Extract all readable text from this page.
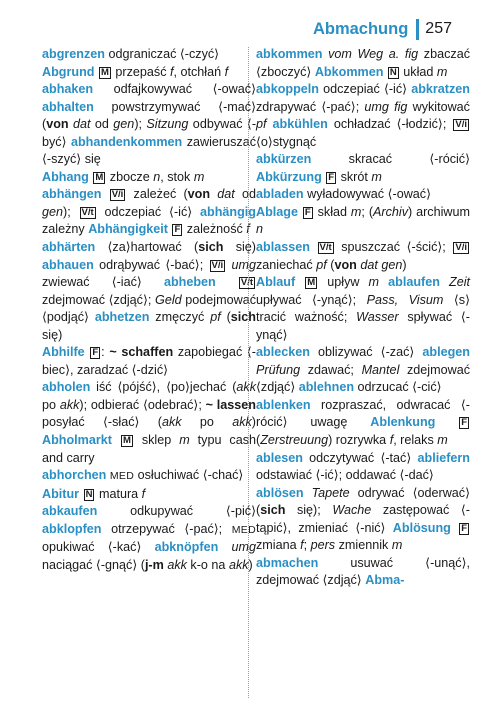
Abmachung 257

abgrenzen odgraniczać ⟨-czyć⟩

Abgrund M przepaść f, otchłań f

abhaken odfajkowywać ⟨-ować⟩ abhalten powstrzymywać ⟨-mać⟩ (von dat od gen); Sitzung odbywać ⟨-być⟩ abhandenkommen zawieruszać ⟨-szyć⟩ się

Abhang M zbocze n, stok m

abhängen V/i zależeć (von dat od gen); V/t odczepiać ⟨-ić⟩ abhängig zależny Abhängigkeit F zależność f

abhärten ⟨za⟩hartować (sich się) abhauen odrąbywać ⟨-bać⟩; V/i umg zwiewać ⟨-iać⟩ abheben	V/t zdejmować ⟨zdjąć⟩; Geld podejmować ⟨podjąć⟩ abhetzen zmęczyć pf (sich się)

Abhilfe F : ~ schaffen zapobiegać ⟨-biec⟩, zaradzać ⟨-dzić⟩

abholen iść ⟨pójść⟩, ⟨po⟩jechać (akk po akk); odbierać ⟨odebrać⟩; ~ lassen posyłać ⟨-słać⟩ (akk po akk) Abholmarkt M sklep m typu cash and carry

abhorchen MED osłuchiwać ⟨-chać⟩

Abitur N matura f

abkaufen odkupywać ⟨-pić⟩ abklopfen otrzepywać ⟨-pać⟩; MED opukiwać ⟨-kać⟩ abknöpfen umg naciągać ⟨-gnąć⟩ (j-m akk k-o na akk)

abkommen vom Weg a. fig zbaczać ⟨zboczyć⟩ Abkommen N układ m

abkoppeln odczepiać ⟨-ić⟩ abkratzen zdrapywać ⟨-pać⟩; umg fig wykitować pf abkühlen ochładzać ⟨-łodzić⟩; V/i ⟨o⟩stygnąć

abkürzen skracać ⟨-rócić⟩ Abkürzung F skrót m

abladen wyładowywać ⟨-ować⟩

Ablage F skład m; (Archiv) archiwum n

ablassen V/t spuszczać ⟨-ścić⟩; V/i zaniechać pf (von dat gen)

Ablauf M upływ m ablaufen Zeit upływać ⟨-ynąć⟩; Pass, Visum ⟨s⟩tracić ważność; Wasser spływać ⟨-ynąć⟩

ablecken oblizywać ⟨-zać⟩ ablegen Prüfung zdawać; Mantel zdejmować ⟨zdjąć⟩ ablehnen odrzucać ⟨-cić⟩

ablenken rozpraszać, odwracać ⟨-rócić⟩ uwagę Ablenkung	F (Zerstreuung) rozrywka f, relaks m

ablesen odczytywać ⟨-tać⟩ abliefern odstawiać ⟨-ić⟩; oddawać ⟨-dać⟩

ablösen Tapete odrywać ⟨oderwać⟩ (sich się); Wache zastępować ⟨-tąpić⟩, zmieniać ⟨-nić⟩ Ablösung F zmiana f; pers zmiennik m

abmachen usuwać ⟨-unąć⟩, zdejmować ⟨zdjąć⟩ Abma-
